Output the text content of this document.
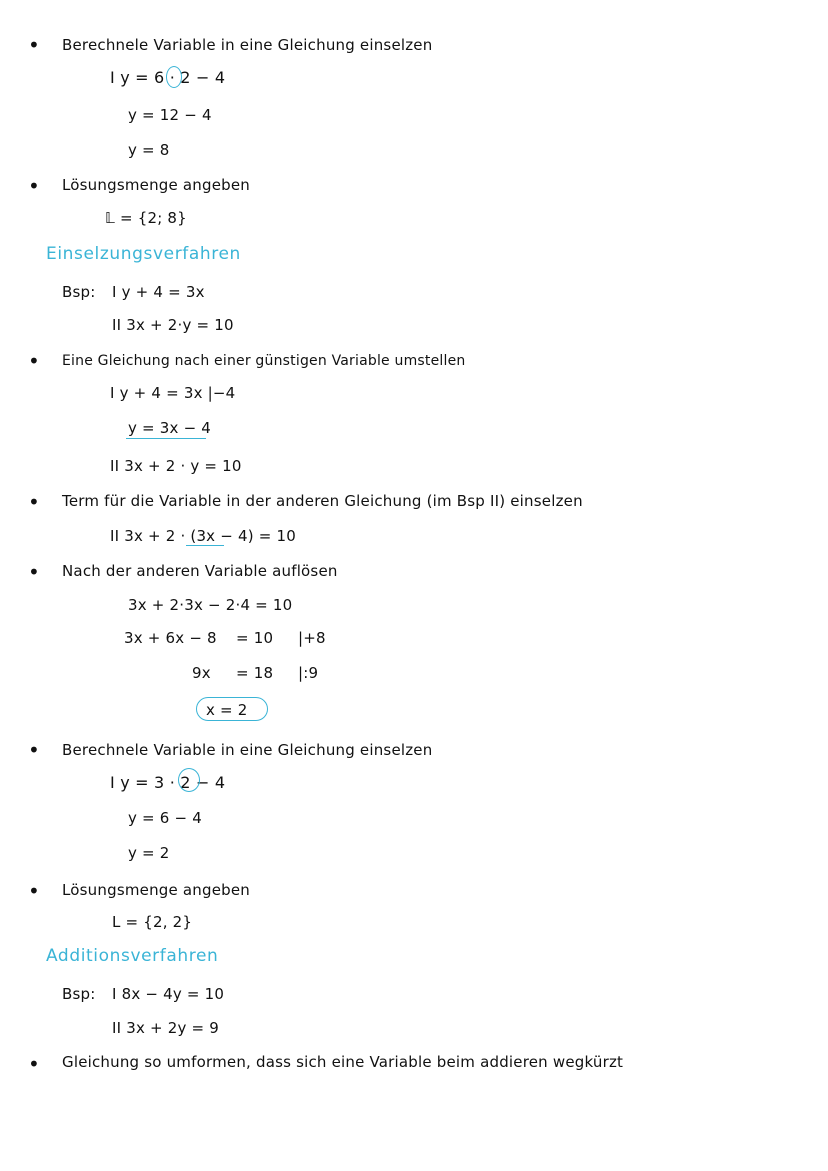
• Berechnele Variable in eine Gleichung einselzen
I y = 6 · 2 − 4
y = 12 − 4
y = 8
• Lösungsmenge angeben
𝕃 = {2; 8}
Einselzungsverfahren
Bsp: I y + 4 = 3x
II 3x + 2·y = 10
• Eine Gleichung nach einer günstigen Variable umstellen
I y + 4 = 3x |−4
y = 3x − 4
II 3x + 2 · y = 10
• Term für die Variable in der anderen Gleichung (im Bsp II) einselzen
II 3x + 2 · (3x − 4) = 10
• Nach der anderen Variable auflösen
3x + 2·3x − 2·4 = 10
3x + 6x − 8 = 10 |+8
9x = 18 |:9
x = 2
• Berechnele Variable in eine Gleichung einselzen
I y = 3 · 2 − 4
y = 6 − 4
y = 2
• Lösungsmenge angeben
L = {2, 2}
Additionsverfahren
Bsp: I 8x − 4y = 10
II 3x + 2y = 9
• Gleichung so umformen, dass sich eine Variable beim addieren wegkürzt
